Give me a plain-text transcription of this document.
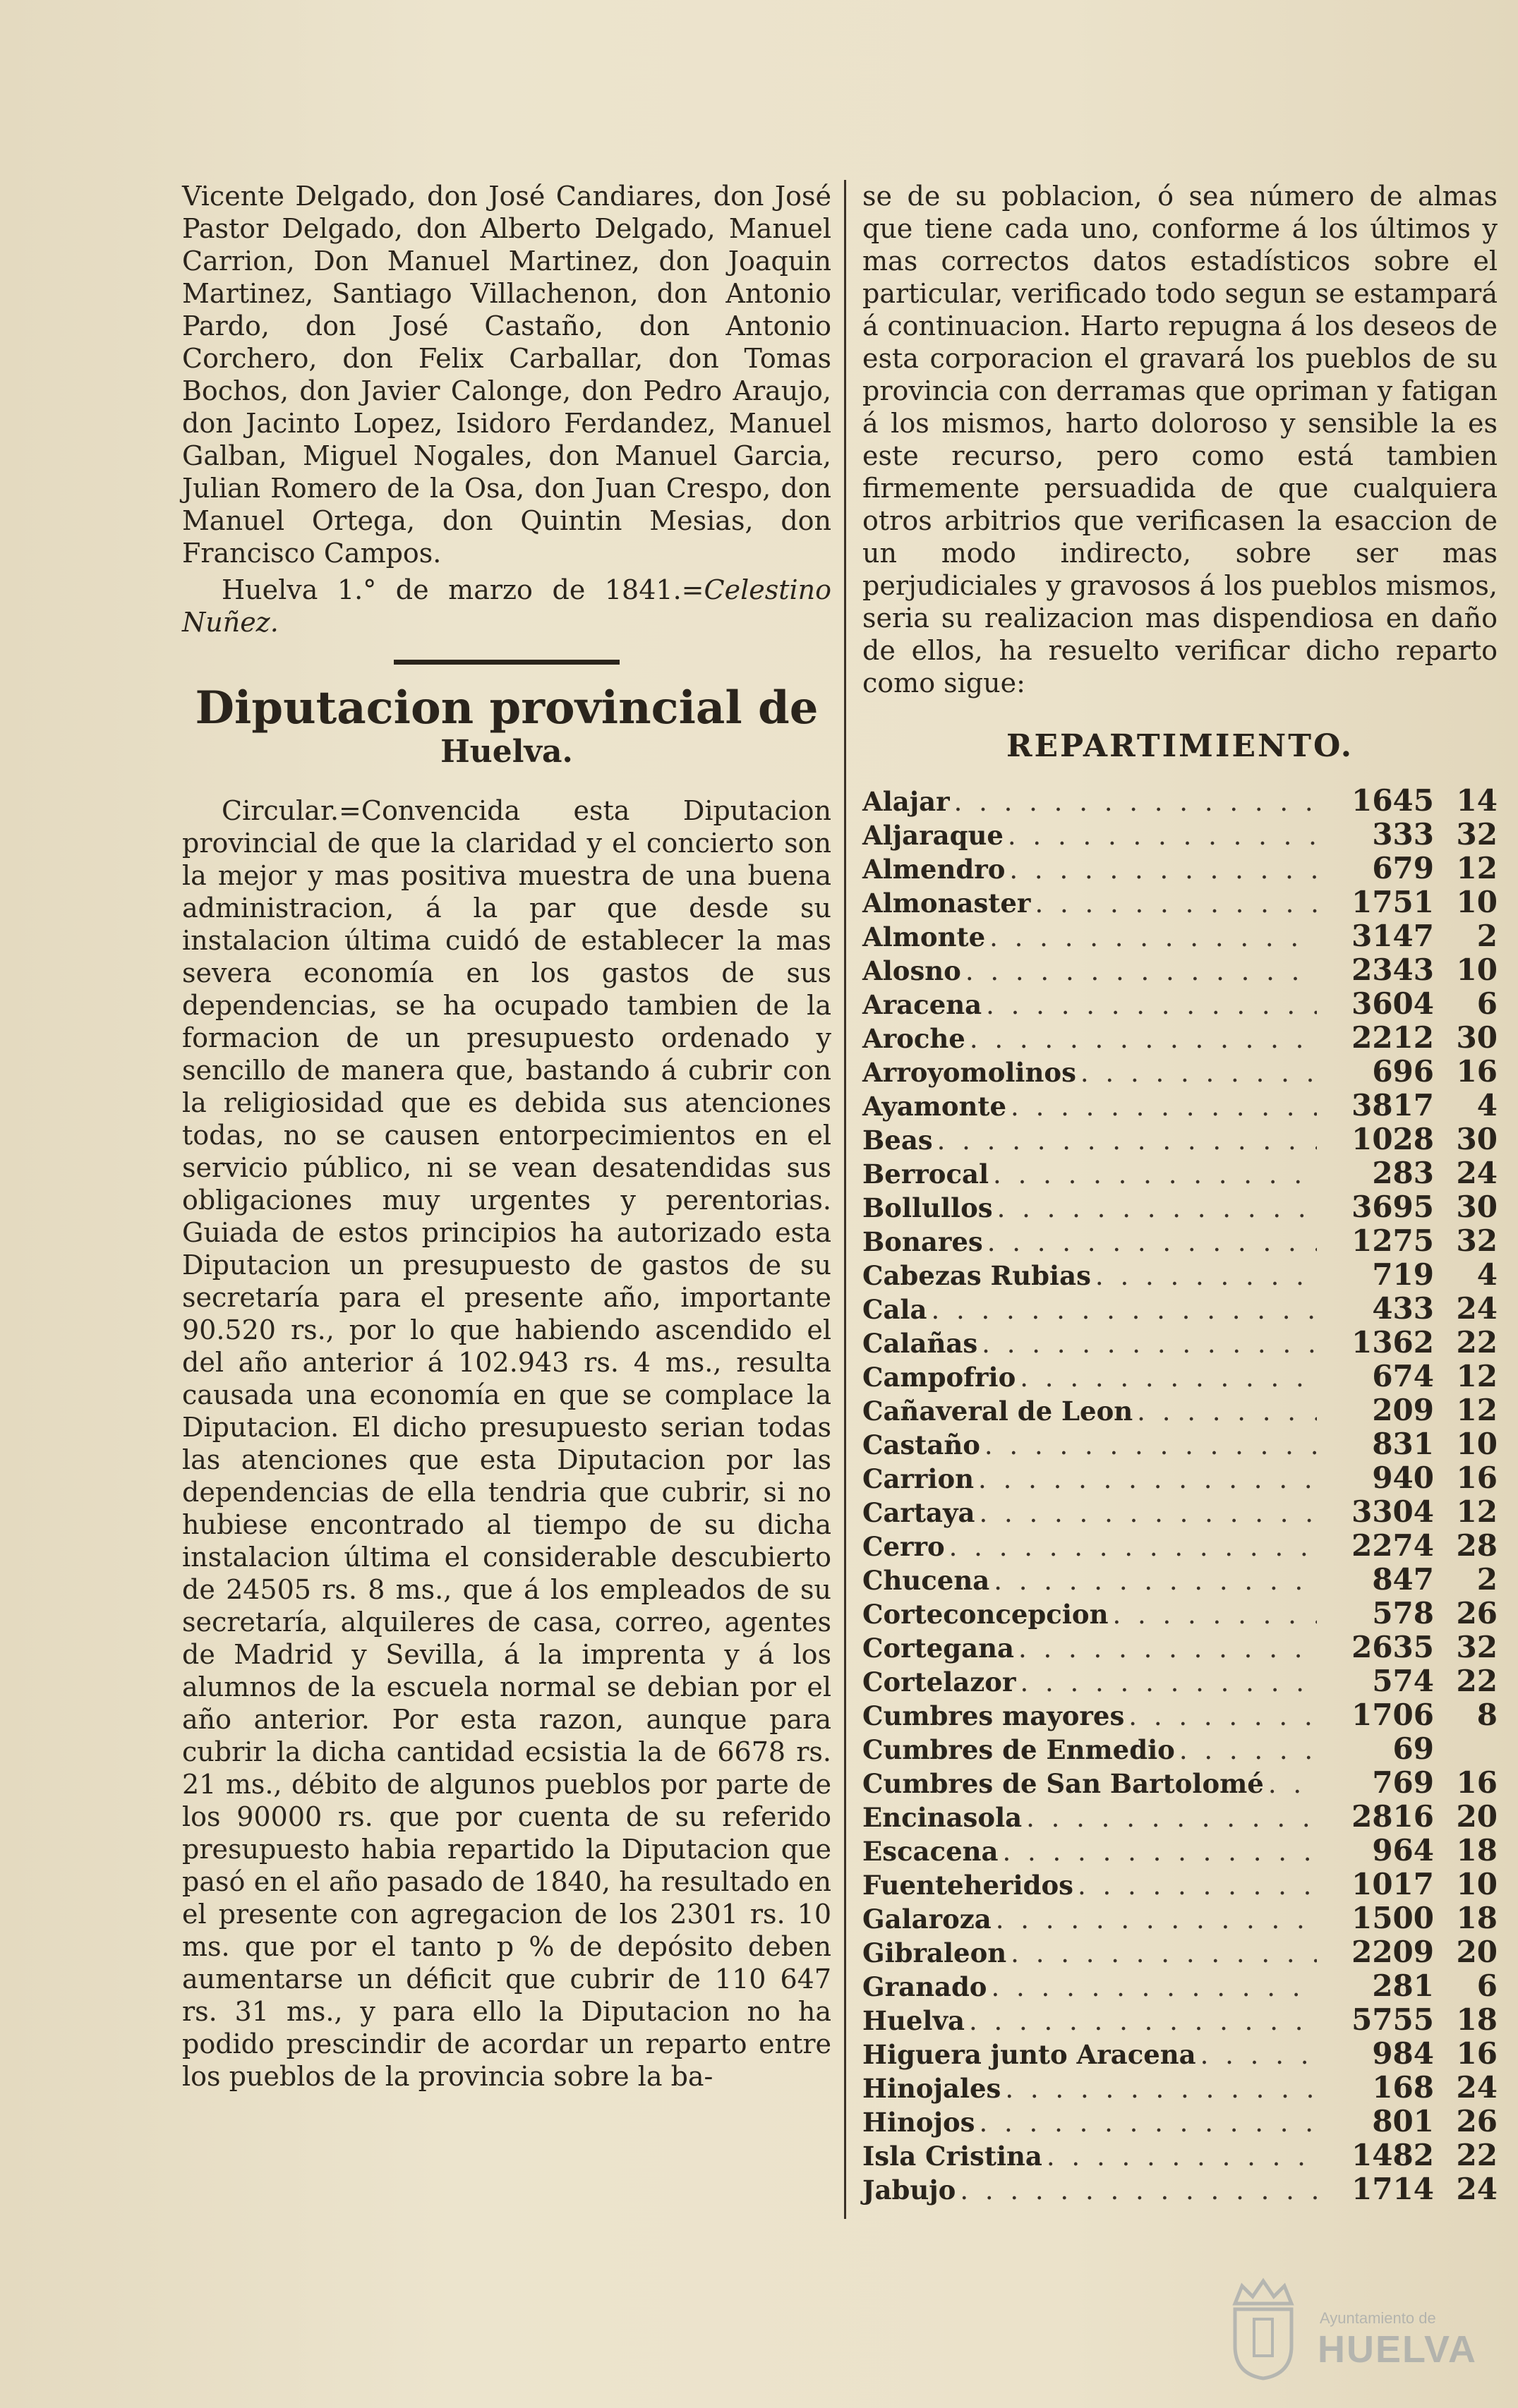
Vicente Delgado, don José Candiares, don José Pastor Delgado, don Alberto Delgado, Manuel Carrion, Don Manuel Martinez, don Joaquin Martinez, Santiago Villachenon, don Antonio Pardo, don José Castaño, don Antonio Corchero, don Felix Carballar, don Tomas Bochos, don Javier Calonge, don Pedro Araujo, don Jacinto Lopez, Isidoro Ferdandez, Manuel Galban, Miguel Nogales, don Manuel Garcia, Julian Romero de la Osa, don Juan Crespo, don Manuel Ortega, don Quintin Mesias, don Francisco Campos.

Huelva 1.° de marzo de 1841.=Celestino Nuñez.

Diputacion provincial de
Huelva.

Circular.=Convencida esta Diputacion provincial de que la claridad y el concierto son la mejor y mas positiva muestra de una buena administracion, á la par que desde su instalacion última cuidó de establecer la mas severa economía en los gastos de sus dependencias, se ha ocupado tambien de la formacion de un presupuesto ordenado y sencillo de manera que, bastando á cubrir con la religiosidad que es debida sus atenciones todas, no se causen entorpecimientos en el servicio público, ni se vean desatendidas sus obligaciones muy urgentes y perentorias. Guiada de estos principios ha autorizado esta Diputacion un presupuesto de gastos de su secretaría para el presente año, importante 90.520 rs., por lo que habiendo ascendido el del año anterior á 102.943 rs. 4 ms., resulta causada una economía en que se complace la Diputacion. El dicho presupuesto serian todas las atenciones que esta Diputacion por las dependencias de ella tendria que cubrir, si no hubiese encontrado al tiempo de su dicha instalacion última el considerable descubierto de 24505 rs. 8 ms., que á los empleados de su secretaría, alquileres de casa, correo, agentes de Madrid y Sevilla, á la imprenta y á los alumnos de la escuela normal se debian por el año anterior. Por esta razon, aunque para cubrir la dicha cantidad ecsistia la de 6678 rs. 21 ms., débito de algunos pueblos por parte de los 90000 rs. que por cuenta de su referido presupuesto habia repartido la Diputacion que pasó en el año pasado de 1840, ha resultado en el presente con agregacion de los 2301 rs. 10 ms. que por el tanto p % de depósito deben aumentarse un déficit que cubrir de 110 647 rs. 31 ms., y para ello la Diputacion no ha podido prescindir de acordar un reparto entre los pueblos de la provincia sobre la ba-

se de su poblacion, ó sea número de almas que tiene cada uno, conforme á los últimos y mas correctos datos estadísticos sobre el particular, verificado todo segun se estampará á continuacion. Harto repugna á los deseos de esta corporacion el gravará los pueblos de su provincia con derramas que opriman y fatigan á los mismos, harto doloroso y sensible la es este recurso, pero como está tambien firmemente persuadida de que cualquiera otros arbitrios que verificasen la esaccion de un modo indirecto, sobre ser mas perjudiciales y gravosos á los pueblos mismos, seria su realizacion mas dispendiosa en daño de ellos, ha resuelto verificar dicho reparto como sigue:

REPARTIMIENTO.
Alajar . . .	1645 14
Aljaraque . . .	333 32
Almendro . . .	679 12
Almonaster . . .	1751 10
Almonte . . .	3147	2
Alosno . . .	2343 10
Aracena . . .	3604	6
Aroche . . .	2212 30
Arroyomolinos . . .	696 16
Ayamonte . . .	3817	4
Beas . . .	1028 30
Berrocal . . .	283 24
Bollullos . . .	3695 30
Bonares . . .	1275 32
Cabezas Rubias . . .	719	4
Cala . . .	433 24
Calañas . . .	1362 22
Campofrio . . .	674 12
Cañaveral de Leon . . .	209 12
Castaño . . .	831 10
Carrion . . .	940 16
Cartaya . . .	3304 12
Cerro . . .	2274 28
Chucena . . .	847	2
Corteconcepcion . . .	578 26
Cortegana . . .	2635 32
Cortelazor . . .	574 22
Cumbres mayores . . .	1706	8
Cumbres de Enmedio . . .	69
Cumbres de San Bartolomé . . .	769 16
Encinasola . . .	2816 20
Escacena . . .	964 18
Fuenteheridos . . .	1017 10
Galaroza . . .	1500 18
Gibraleon . . .	2209 20
Granado . . .	281	6
Huelva . . .	5755 18
Higuera junto Aracena . . .	984 16
Hinojales . . .	168 24
Hinojos . . .	801 26
Isla Cristina . . .	1482 22
Jabujo . . .	1714 24
Ayuntamiento de
HUELVA
